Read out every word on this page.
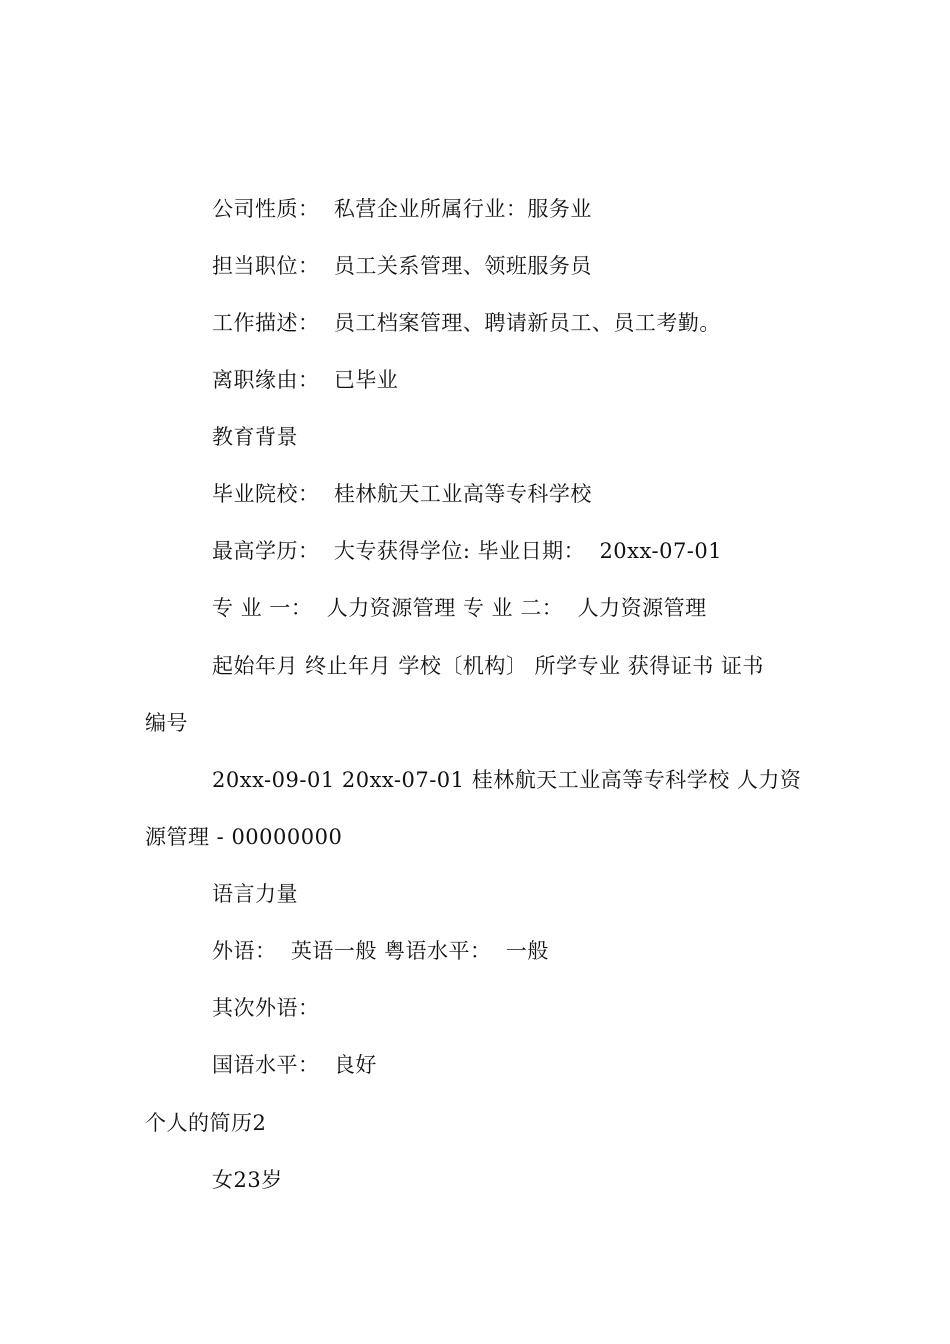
公司性质：  私营企业所属行业：服务业
担当职位：  员工关系管理、领班服务员
工作描述：  员工档案管理、聘请新员工、员工考勤。
离职缘由：  已毕业
教育背景
毕业院校：  桂林航天工业高等专科学校
最高学历：  大专获得学位: 毕业日期：  20xx-07-01
专 业 一：  人力资源管理 专 业 二：  人力资源管理
起始年月 终止年月 学校〔机构〕 所学专业 获得证书 证书
编号
20xx-09-01 20xx-07-01 桂林航天工业高等专科学校 人力资
源管理 - 00000000
语言力量
外语：  英语一般 粤语水平：  一般
其次外语：
国语水平：  良好
个人的简历2
女23岁
